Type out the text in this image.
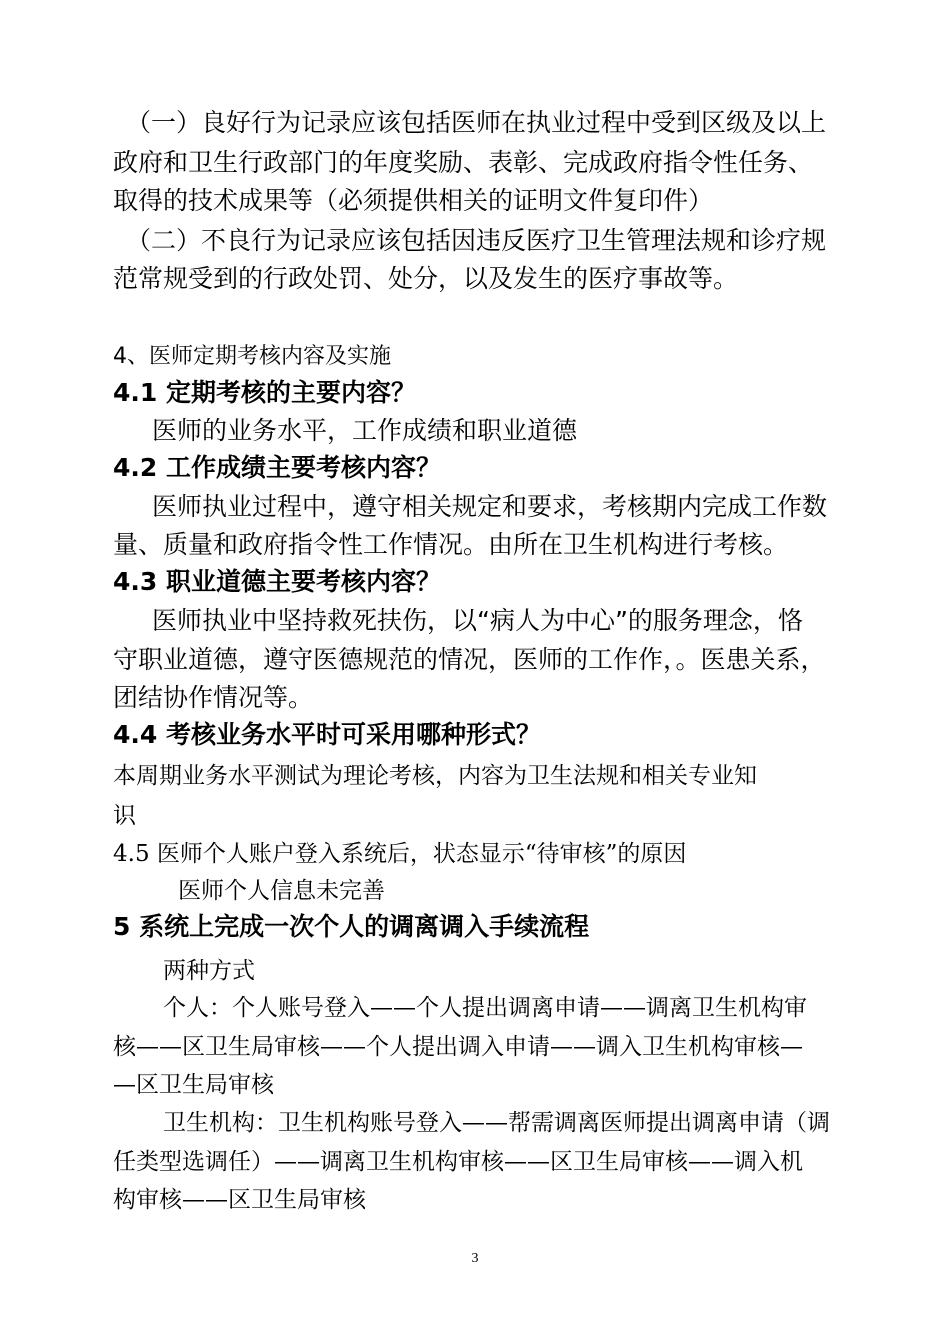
（一）良好行为记录应该包括医师在执业过程中受到区级及以上

政府和卫生行政部门的年度奖励、表彰、完成政府指令性任务、

取得的技术成果等（必须提供相关的证明文件复印件）

（二）不良行为记录应该包括因违反医疗卫生管理法规和诊疗规

范常规受到的行政处罚、处分，以及发生的医疗事故等。

4、医师定期考核内容及实施

4.1 定期考核的主要内容？

医师的业务水平，工作成绩和职业道德

4.2 工作成绩主要考核内容？

医师执业过程中，遵守相关规定和要求，考核期内完成工作数

量、质量和政府指令性工作情况。由所在卫生机构进行考核。

4.3 职业道德主要考核内容？

医师执业中坚持救死扶伤，以“病人为中心”的服务理念，恪

守职业道德，遵守医德规范的情况，医师的工作作，。医患关系，

团结协作情况等。

4.4 考核业务水平时可采用哪种形式？

本周期业务水平测试为理论考核，内容为卫生法规和相关专业知

识

4.5 医师个人账户登入系统后，状态显示“待审核”的原因

医师个人信息未完善

5 系统上完成一次个人的调离调入手续流程

两种方式

个人：个人账号登入——个人提出调离申请——调离卫生机构审

核——区卫生局审核——个人提出调入申请——调入卫生机构审核—

—区卫生局审核

卫生机构：卫生机构账号登入——帮需调离医师提出调离申请（调

任类型选调任）——调离卫生机构审核——区卫生局审核——调入机

构审核——区卫生局审核

3
